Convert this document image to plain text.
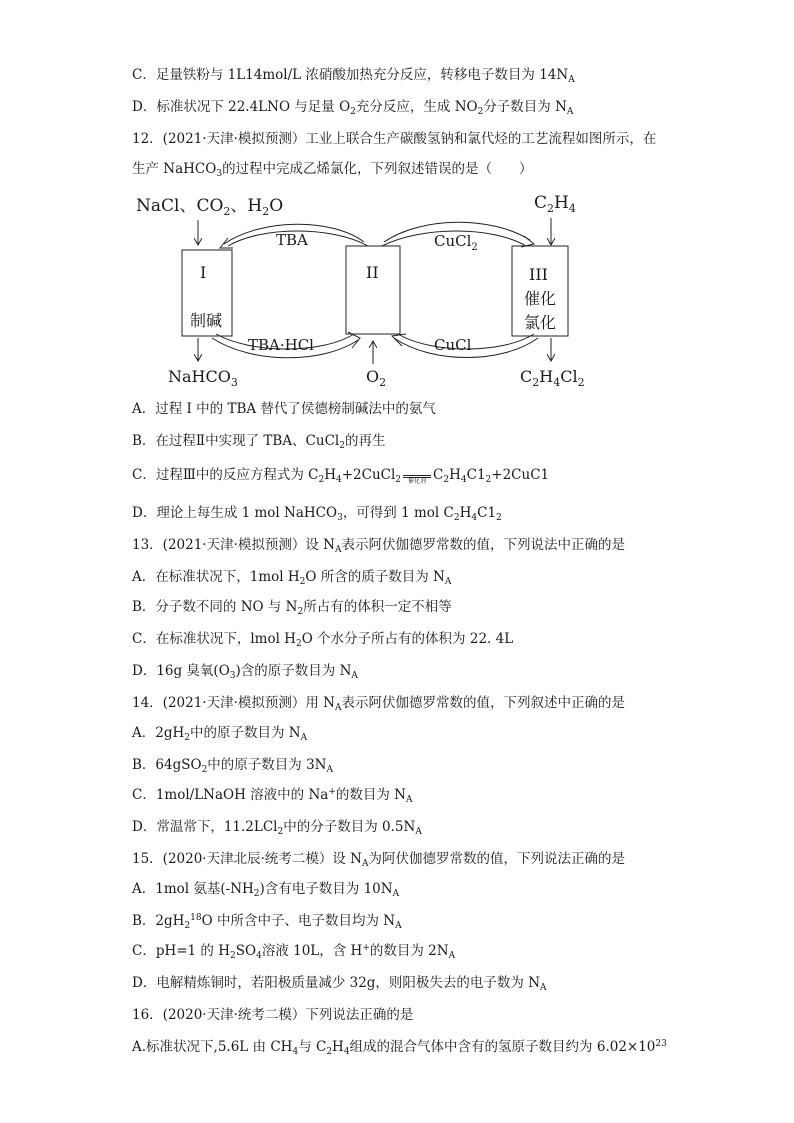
C．足量铁粉与 1L14mol/L 浓硝酸加热充分反应，转移电子数目为 $14N_A$
D．标准状况下 22.4LNO 与足量 $O_2$充分反应，生成 $NO_2$分子数目为 $N_A$
12．(2021·天津·模拟预测）工业上联合生产碳酸氢钠和氯代烃的工艺流程如图所示，在
生产 NaHCO$_3$的过程中完成乙烯氯化，下列叙述错误的是（　　）
NaCl、$CO_2$、$H_2O$	$C_2H_4$
I
制碱
II	III
催化
氯化
TBA	CuCl$_2$
TBA·HCl	CuCl
NaHCO$_3$	$O_2$	$C_2H_4Cl_2$
A．过程 I 中的 TBA 替代了侯德榜制碱法中的氨气
B．在过程Ⅱ中实现了 TBA、CuCl$_2$的再生
C．过程Ⅲ中的反应方程式为 $C_2H_4+2CuCl_2$	催化剂 $C_2H_4C1_2+2CuC1$
D．理论上每生成 1 mol NaHCO$_3$，可得到 1 mol $C_2H_4C1_2$
13．(2021·天津·模拟预测）设 $N_A$表示阿伏伽德罗常数的值，下列说法中正确的是
A．在标准状况下，1mol $H_2O$ 所含的质子数目为 $N_A$
B．分子数不同的 NO 与 $N_2$所占有的体积一定不相等
C．在标准状况下，lmol $H_2O$ 个水分子所占有的体积为 22. 4L
D．16g 臭氧$(O_3)$含的原子数目为 $N_A$
14．(2021·天津·模拟预测）用 $N_A$表示阿伏伽德罗常数的值，下列叙述中正确的是
A．$2gH_2$中的原子数目为 $N_A$
B．64gSO$_2$中的原子数目为 $3N_A$
C．1mol/LNaOH 溶液中的 Na+的数目为 $N_A$
D．常温常下，11.2LCl$_2$中的分子数目为 $0.5N_A$
15．(2020·天津北辰·统考二模）设 $N_A$为阿伏伽德罗常数的值，下列说法正确的是
A．1mol 氨基$(-NH_2)$含有电子数目为 $10N_A$
B．$2gH_2^{18}O$ 中所含中子、电子数目均为 $N_A$
C．pH=1 的 $H_2SO_4$溶液 10L，含 H+的数目为 $2N_A$
D．电解精炼铜时，若阳极质量减少 32g，则阳极失去的电子数为 $N_A$
16．(2020·天津·统考二模）下列说法正确的是
A.标准状况下,5.6L 由 $CH_4$与 $C_2H_4$组成的混合气体中含有的氢原子数目约为 $6.02\times 10^{23}$
